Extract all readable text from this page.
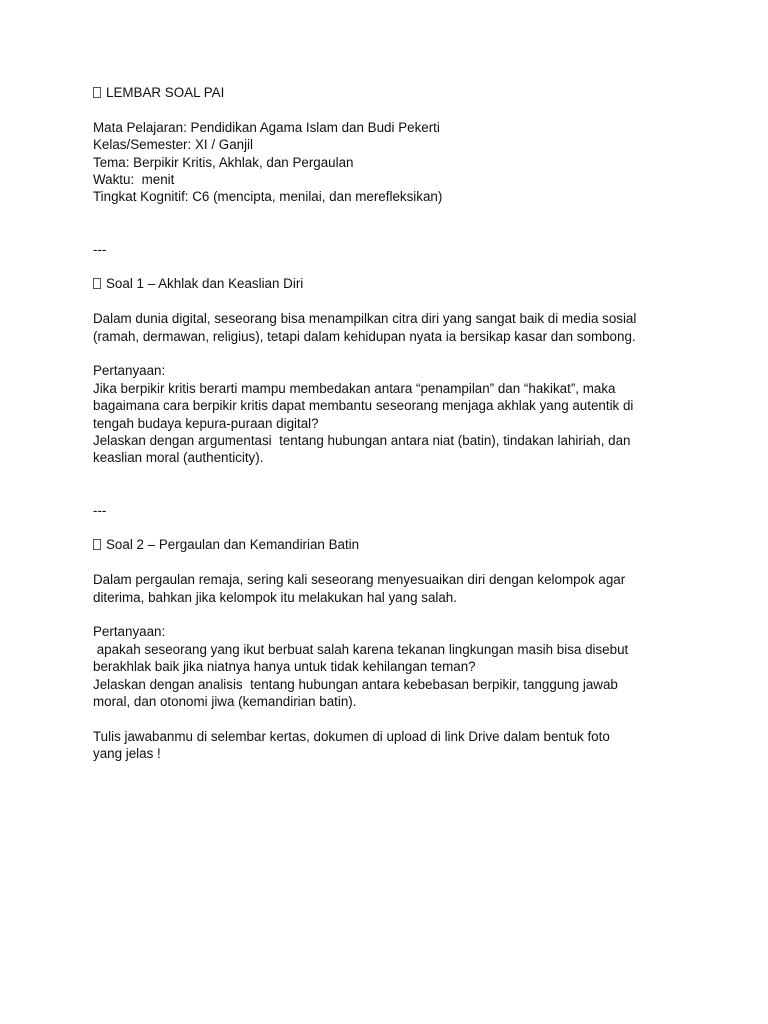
LEMBAR SOAL PAI
Mata Pelajaran: Pendidikan Agama Islam dan Budi Pekerti
Kelas/Semester: XI / Ganjil
Tema: Berpikir Kritis, Akhlak, dan Pergaulan
Waktu:  menit
Tingkat Kognitif: C6 (mencipta, menilai, dan merefleksikan)
---
Soal 1 – Akhlak dan Keaslian Diri
Dalam dunia digital, seseorang bisa menampilkan citra diri yang sangat baik di media sosial
(ramah, dermawan, religius), tetapi dalam kehidupan nyata ia bersikap kasar dan sombong.
Pertanyaan:
Jika berpikir kritis berarti mampu membedakan antara “penampilan” dan “hakikat”, maka
bagaimana cara berpikir kritis dapat membantu seseorang menjaga akhlak yang autentik di
tengah budaya kepura-puraan digital?
Jelaskan dengan argumentasi  tentang hubungan antara niat (batin), tindakan lahiriah, dan
keaslian moral (authenticity).
---
Soal 2 – Pergaulan dan Kemandirian Batin
Dalam pergaulan remaja, sering kali seseorang menyesuaikan diri dengan kelompok agar
diterima, bahkan jika kelompok itu melakukan hal yang salah.
Pertanyaan:
apakah seseorang yang ikut berbuat salah karena tekanan lingkungan masih bisa disebut
berakhlak baik jika niatnya hanya untuk tidak kehilangan teman?
Jelaskan dengan analisis  tentang hubungan antara kebebasan berpikir, tanggung jawab
moral, dan otonomi jiwa (kemandirian batin).
Tulis jawabanmu di selembar kertas, dokumen di upload di link Drive dalam bentuk foto
yang jelas !
